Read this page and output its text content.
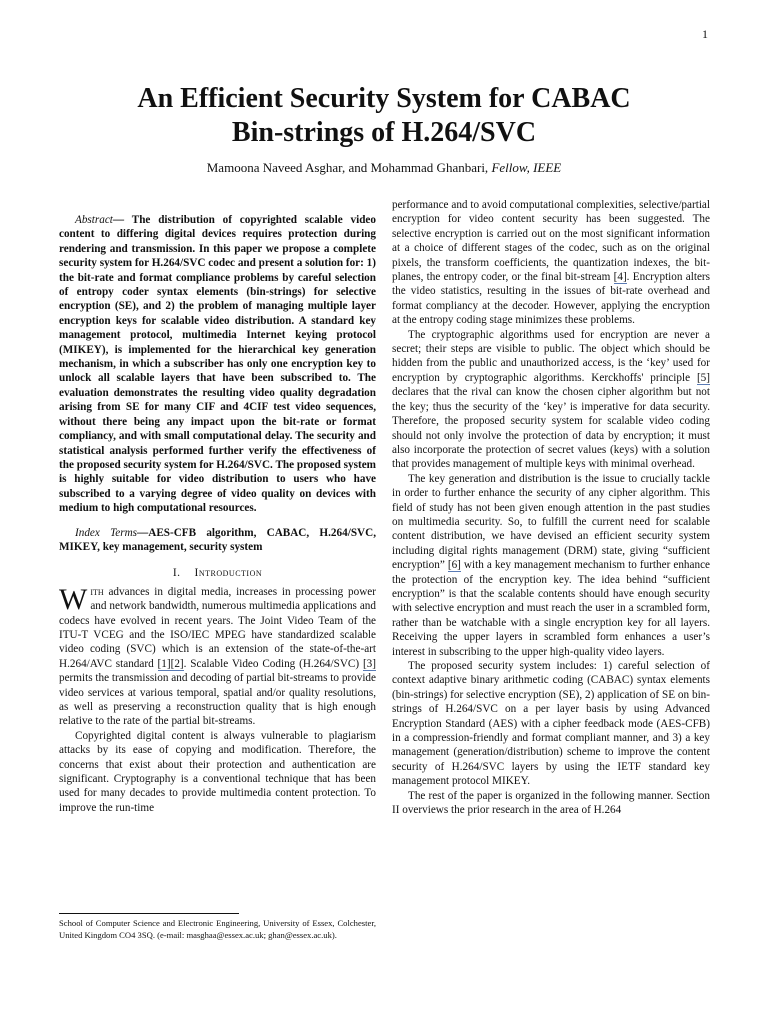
1
An Efficient Security System for CABAC
Bin-strings of H.264/SVC
Mamoona Naveed Asghar, and Mohammad Ghanbari, Fellow, IEEE

Abstract— The distribution of copyrighted scalable video content to differing digital devices requires protection during rendering and transmission. In this paper we propose a complete security system for H.264/SVC codec and present a solution for: 1) the bit-rate and format compliance problems by careful selection of entropy coder syntax elements (bin-strings) for selective encryption (SE), and 2) the problem of managing multiple layer encryption keys for scalable video distribution. A standard key management protocol, multimedia Internet keying protocol (MIKEY), is implemented for the hierarchical key generation mechanism, in which a subscriber has only one encryption key to unlock all scalable layers that have been subscribed to. The evaluation demonstrates the resulting video quality degradation arising from SE for many CIF and 4CIF test video sequences, without there being any impact upon the bit-rate or format compliancy, and with small computational delay. The security and statistical analysis performed further verify the effectiveness of the proposed security system for H.264/SVC. The proposed system is highly suitable for video distribution to users who have subscribed to a varying degree of video quality on devices with medium to high computational resources.

Index Terms—AES-CFB algorithm, CABAC, H.264/SVC, MIKEY, key management, security system

I. Introduction

With advances in digital media, increases in processing power and network bandwidth, numerous multimedia applications and codecs have evolved in recent years. The Joint Video Team of the ITU-T VCEG and the ISO/IEC MPEG have standardized scalable video coding (SVC) which is an extension of the state-of-the-art H.264/AVC standard [1][2]. Scalable Video Coding (H.264/SVC) [3] permits the transmission and decoding of partial bit-streams to provide video services at various temporal, spatial and/or quality resolutions, as well as preserving a reconstruction quality that is high enough relative to the rate of the partial bit-streams.

Copyrighted digital content is always vulnerable to plagiarism attacks by its ease of copying and modification. Therefore, the concerns that exist about their protection and authentication are significant. Cryptography is a conventional technique that has been used for many decades to provide multimedia content protection. To improve the run-time

School of Computer Science and Electronic Engineering, University of Essex, Colchester, United Kingdom CO4 3SQ. (e-mail: masghaa@essex.ac.uk; ghan@essex.ac.uk).

performance and to avoid computational complexities, selective/partial encryption for video content security has been suggested. The selective encryption is carried out on the most significant information at a choice of different stages of the codec, such as on the original pixels, the transform coefficients, the quantization indexes, the bit-planes, the entropy coder, or the final bit-stream [4]. Encryption alters the video statistics, resulting in the issues of bit-rate overhead and format compliancy at the decoder. However, applying the encryption at the entropy coding stage minimizes these problems.

The cryptographic algorithms used for encryption are never a secret; their steps are visible to public. The object which should be hidden from the public and unauthorized access, is the ‘key’ used for encryption by cryptographic algorithms. Kerckhoffs' principle [5] declares that the rival can know the chosen cipher algorithm but not the key; thus the security of the ‘key’ is imperative for data security. Therefore, the proposed security system for scalable video coding should not only involve the protection of data by encryption; it must also incorporate the protection of secret values (keys) with a solution that provides management of multiple keys with minimal overhead.

The key generation and distribution is the issue to crucially tackle in order to further enhance the security of any cipher algorithm. This field of study has not been given enough attention in the past studies on multimedia security. So, to fulfill the current need for scalable content distribution, we have devised an efficient security system including digital rights management (DRM) state, giving “sufficient encryption” [6] with a key management mechanism to further enhance the protection of the encryption key. The idea behind “sufficient encryption” is that the scalable contents should have enough security with selective encryption and must reach the user in a scrambled form, rather than be watchable with a single encryption key for all layers. Receiving the upper layers in scrambled form enhances a user’s interest in subscribing to the upper high-quality video layers.

The proposed security system includes: 1) careful selection of context adaptive binary arithmetic coding (CABAC) syntax elements (bin-strings) for selective encryption (SE), 2) application of SE on bin-strings of H.264/SVC on a per layer basis by using Advanced Encryption Standard (AES) with a cipher feedback mode (AES-CFB) in a compression-friendly and format compliant manner, and 3) a key management (generation/distribution) scheme to improve the content security of H.264/SVC layers by using the IETF standard key management protocol MIKEY.

The rest of the paper is organized in the following manner. Section II overviews the prior research in the area of H.264
